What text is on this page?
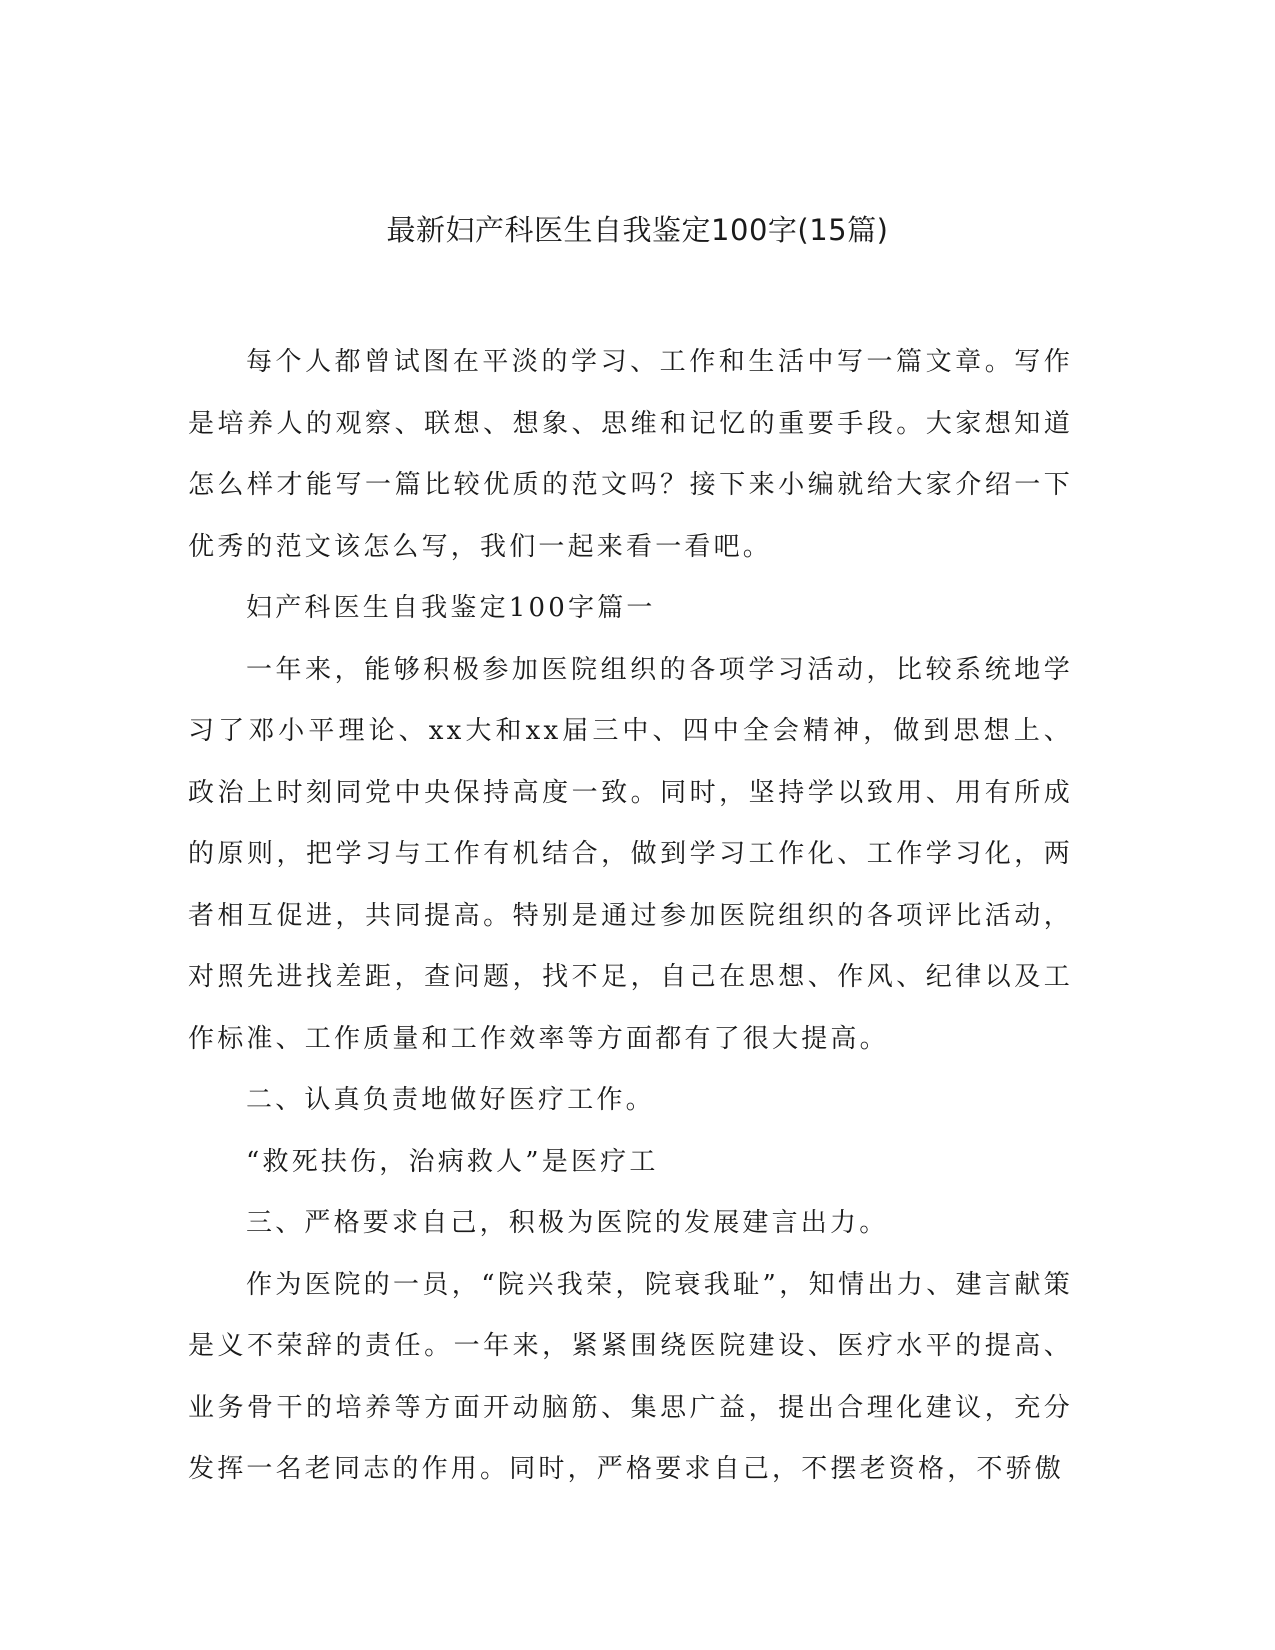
最新妇产科医生自我鉴定100字(15篇)

每个人都曾试图在平淡的学习、工作和生活中写一篇文章。写作是培养人的观察、联想、想象、思维和记忆的重要手段。大家想知道怎么样才能写一篇比较优质的范文吗？接下来小编就给大家介绍一下优秀的范文该怎么写，我们一起来看一看吧。

妇产科医生自我鉴定100字篇一

一年来，能够积极参加医院组织的各项学习活动，比较系统地学习了邓小平理论、xx大和xx届三中、四中全会精神，做到思想上、政治上时刻同党中央保持高度一致。同时，坚持学以致用、用有所成的原则，把学习与工作有机结合，做到学习工作化、工作学习化，两者相互促进，共同提高。特别是通过参加医院组织的各项评比活动，对照先进找差距，查问题，找不足，自己在思想、作风、纪律以及工作标准、工作质量和工作效率等方面都有了很大提高。

二、认真负责地做好医疗工作。

“救死扶伤，治病救人”是医疗工

三、严格要求自己，积极为医院的发展建言出力。

作为医院的一员，“院兴我荣，院衰我耻”，知情出力、建言献策是义不荣辞的责任。一年来，紧紧围绕医院建设、医疗水平的提高、业务骨干的培养等方面开动脑筋、集思广益，提出合理化建议，充分发挥一名老同志的作用。同时，严格要求自己，不摆老资格，不骄傲
